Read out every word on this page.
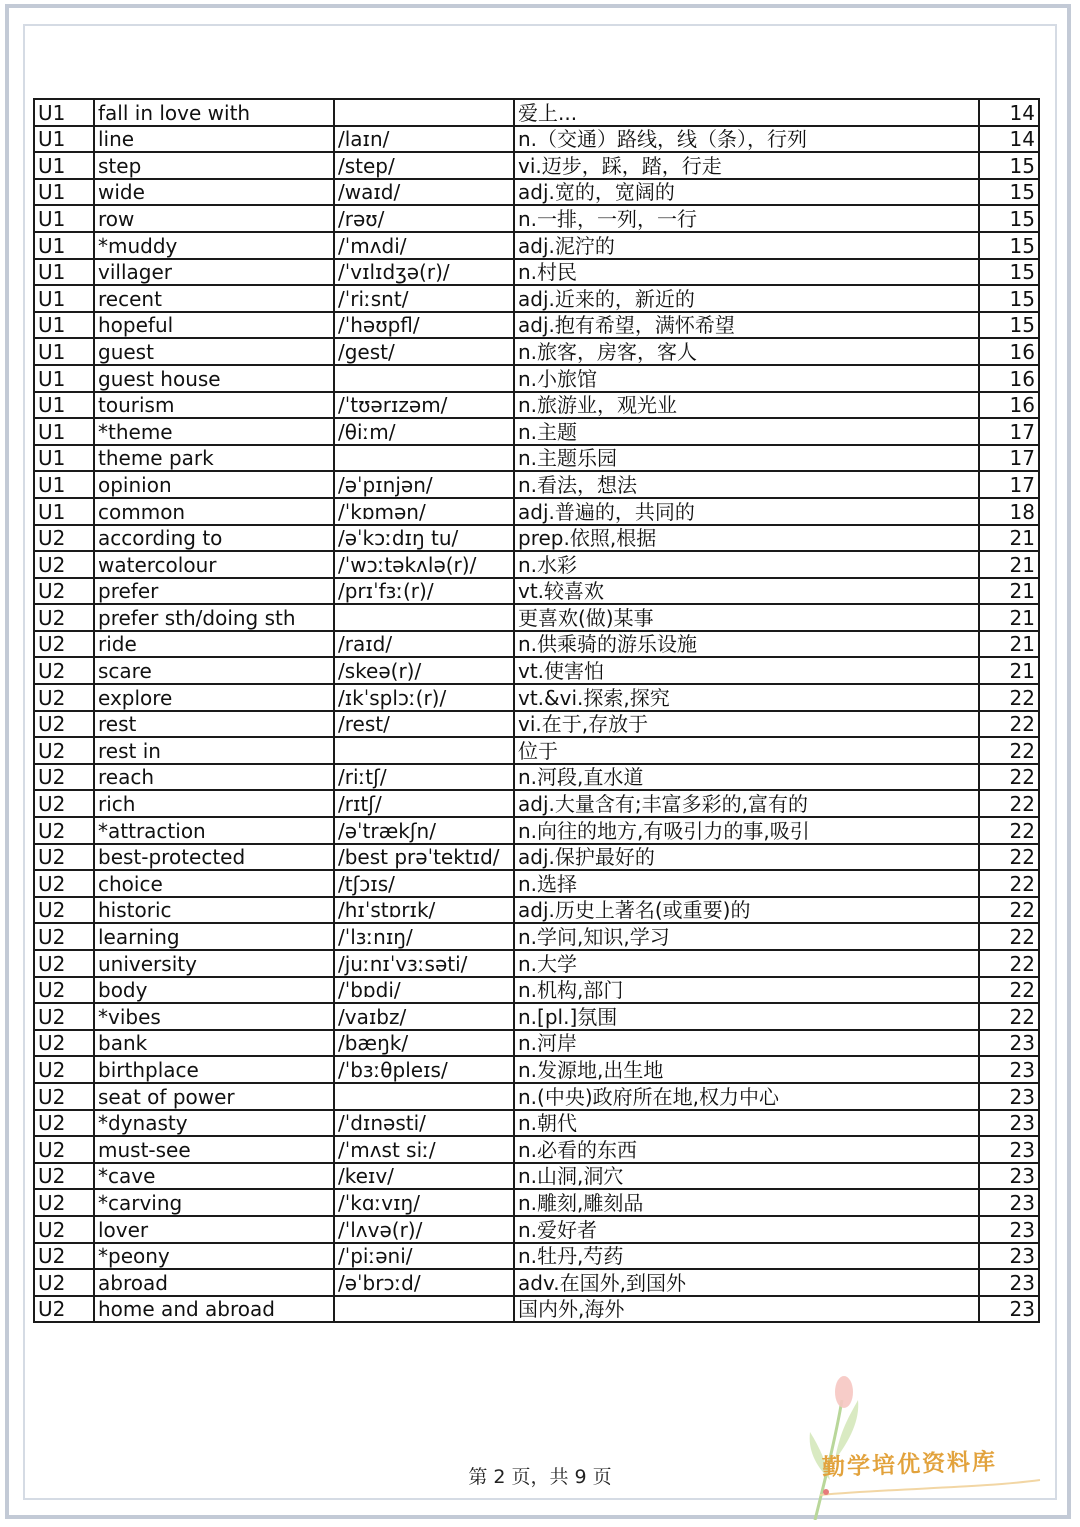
U1	fall in love with		爱上...	14
U1	line	/laɪn/	n.（交通）路线，线（条），行列	14
U1	step	/step/	vi.迈步，踩，踏，行走	15
U1	wide	/waɪd/	adj.宽的，宽阔的	15
U1	row	/rəʊ/	n.一排，一列，一行	15
U1	*muddy	/ˈmʌdi/	adj.泥泞的	15
U1	villager	/ˈvɪlɪdʒə(r)/	n.村民	15
U1	recent	/ˈriːsnt/	adj.近来的，新近的	15
U1	hopeful	/ˈhəʊpfl/	adj.抱有希望，满怀希望	15
U1	guest	/gest/	n.旅客，房客，客人	16
U1	guest house		n.小旅馆	16
U1	tourism	/ˈtʊərɪzəm/	n.旅游业，观光业	16
U1	*theme	/θiːm/	n.主题	17
U1	theme park		n.主题乐园	17
U1	opinion	/əˈpɪnjən/	n.看法，想法	17
U1	common	/ˈkɒmən/	adj.普遍的，共同的	18
U2	according to	/əˈkɔːdɪŋ tu/	prep.依照,根据	21
U2	watercolour	/ˈwɔːtəkʌlə(r)/	n.水彩	21
U2	prefer	/prɪˈfɜː(r)/	vt.较喜欢	21
U2	prefer sth/doing sth		更喜欢(做)某事	21
U2	ride	/raɪd/	n.供乘骑的游乐设施	21
U2	scare	/skeə(r)/	vt.使害怕	21
U2	explore	/ɪkˈsplɔː(r)/	vt.&vi.探索,探究	22
U2	rest	/rest/	vi.在于,存放于	22
U2	rest in		位于	22
U2	reach	/riːtʃ/	n.河段,直水道	22
U2	rich	/rɪtʃ/	adj.大量含有;丰富多彩的,富有的	22
U2	*attraction	/əˈtrækʃn/	n.向往的地方,有吸引力的事,吸引	22
U2	best-protected	/best prəˈtektɪd/	adj.保护最好的	22
U2	choice	/tʃɔɪs/	n.选择	22
U2	historic	/hɪˈstɒrɪk/	adj.历史上著名(或重要)的	22
U2	learning	/ˈlɜːnɪŋ/	n.学问,知识,学习	22
U2	university	/juːnɪˈvɜːsəti/	n.大学	22
U2	body	/ˈbɒdi/	n.机构,部门	22
U2	*vibes	/vaɪbz/	n.[pl.]氛围	22
U2	bank	/bæŋk/	n.河岸	23
U2	birthplace	/ˈbɜːθpleɪs/	n.发源地,出生地	23
U2	seat of power		n.(中央)政府所在地,权力中心	23
U2	*dynasty	/ˈdɪnəsti/	n.朝代	23
U2	must-see	/ˈmʌst siː/	n.必看的东西	23
U2	*cave	/keɪv/	n.山洞,洞穴	23
U2	*carving	/ˈkɑːvɪŋ/	n.雕刻,雕刻品	23
U2	lover	/ˈlʌvə(r)/	n.爱好者	23
U2	*peony	/ˈpiːəni/	n.牡丹,芍药	23
U2	abroad	/əˈbrɔːd/	adv.在国外,到国外	23
U2	home and abroad		国内外,海外	23
第 2 页，共 9 页	勤学培优资料库
